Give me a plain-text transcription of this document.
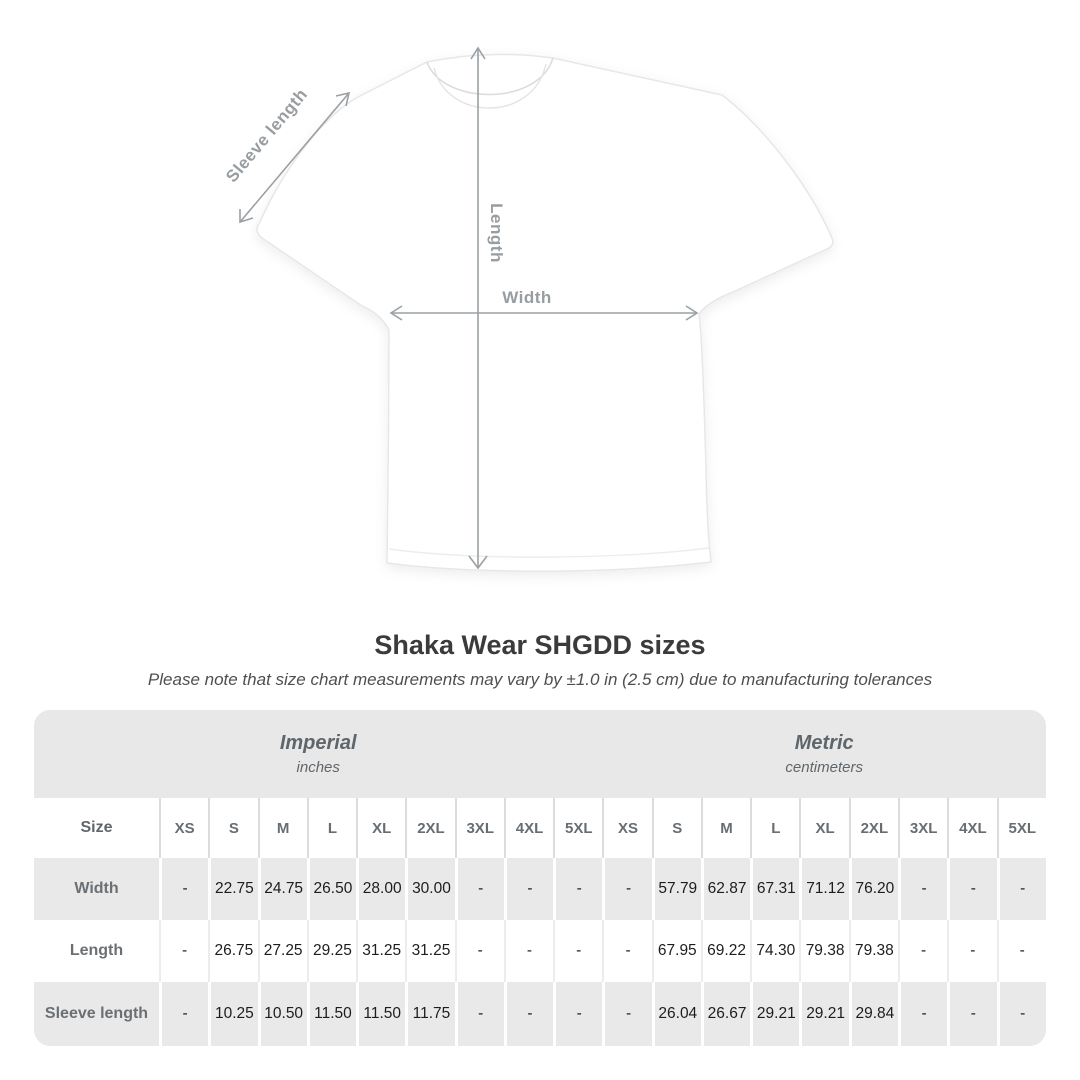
Width
Length
Sleeve length
Shaka Wear SHGDD sizes

Please note that size chart measurements may vary by ±1.0 in (2.5 cm) due to manufacturing tolerances

Imperial
inches

Metric
centimeters

Size	XS	S	M	L	XL	2XL	3XL	4XL	5XL	XS	S	M	L	XL	2XL	3XL	4XL	5XL
Width	-	22.75	24.75	26.50	28.00	30.00	-	-	-	-	57.79	62.87	67.31	71.12	76.20	-	-	-
Length	-	26.75	27.25	29.25	31.25	31.25	-	-	-	-	67.95	69.22	74.30	79.38	79.38	-	-	-
Sleeve length	-	10.25	10.50	11.50	11.50	11.75	-	-	-	-	26.04	26.67	29.21	29.21	29.84	-	-	-
